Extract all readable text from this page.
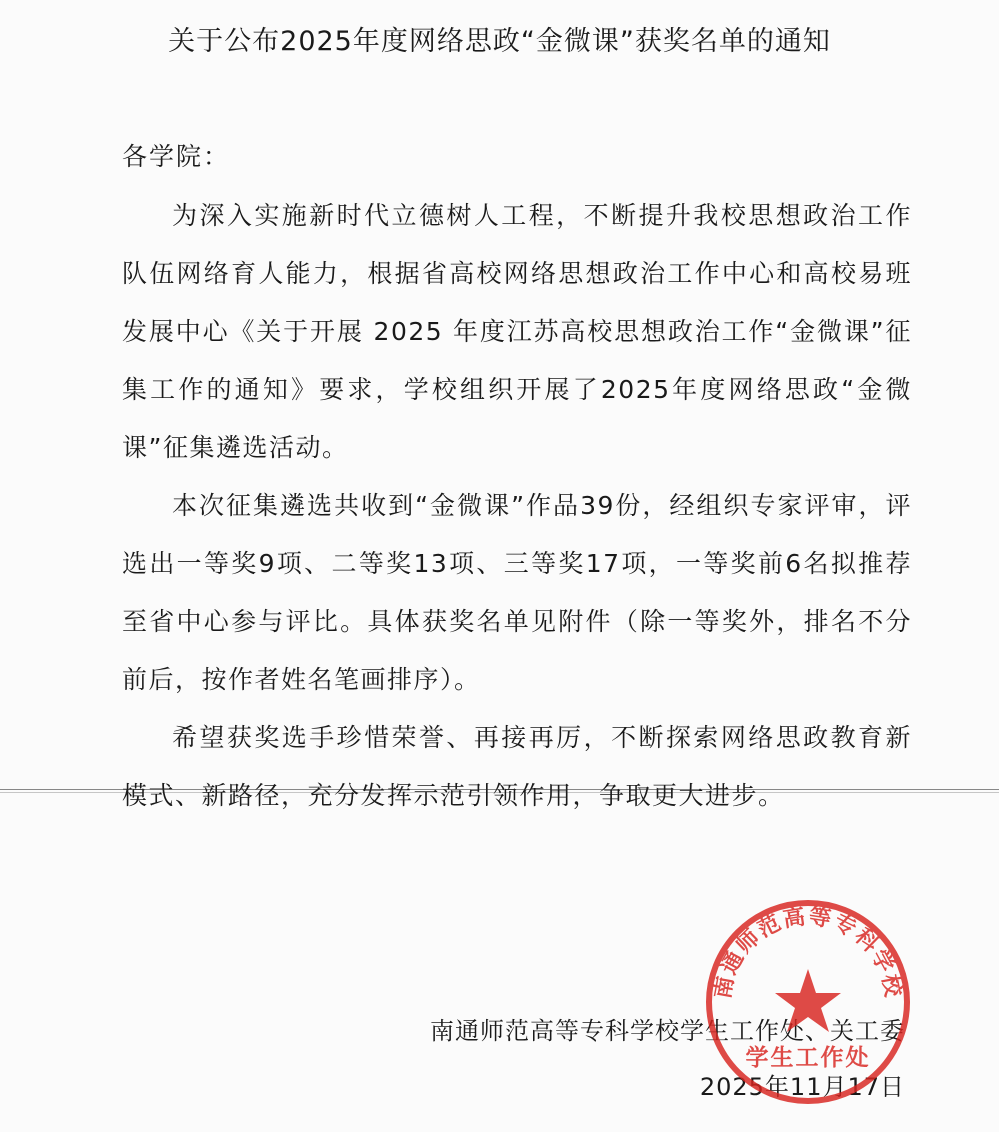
关于公布2025年度网络思政“金微课”获奖名单的通知
各学院：

为深入实施新时代立德树人工程，不断提升我校思想政治工作队伍网络育人能力，根据省高校网络思想政治工作中心和高校易班发展中心《关于开展 2025 年度江苏高校思想政治工作“金微课”征集工作的通知》要求，学校组织开展了2025年度网络思政“金微课”征集遴选活动。

本次征集遴选共收到“金微课”作品39份，经组织专家评审，评选出一等奖9项、二等奖13项、三等奖17项，一等奖前6名拟推荐至省中心参与评比。具体获奖名单见附件（除一等奖外，排名不分前后，按作者姓名笔画排序）。

希望获奖选手珍惜荣誉、再接再厉，不断探索网络思政教育新模式、新路径，充分发挥示范引领作用，争取更大进步。

南通师范高等专科学校学生工作处、关工委
2025年11月17日
南通师范高等专科学校
学生工作处
